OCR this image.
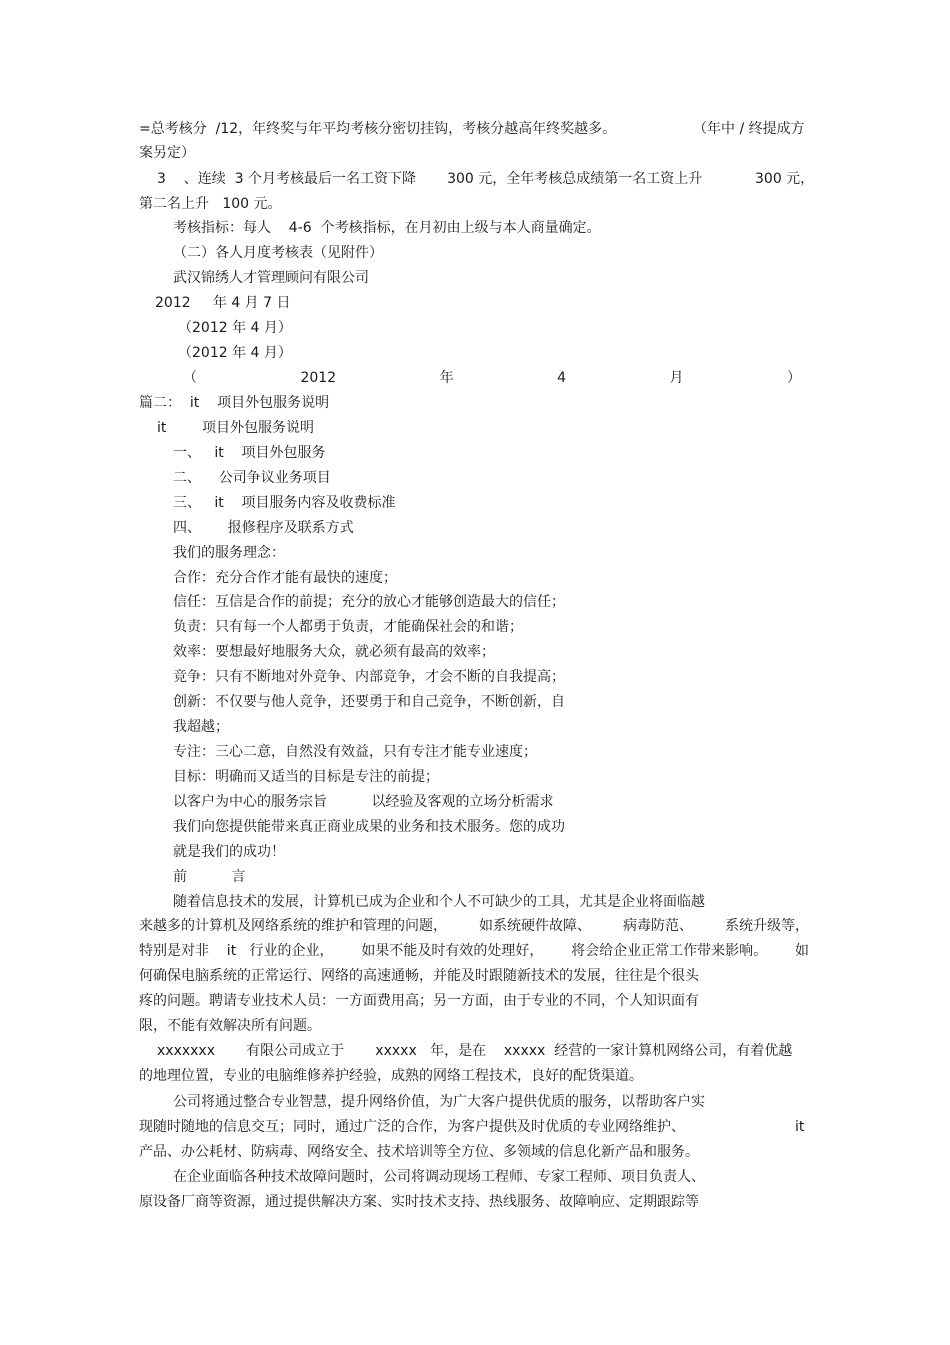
=总考核分  /12，年终奖与年平均考核分密切挂钩，考核分越高年终奖越多。	（年中 / 终提成方
案另定）
3    、连续  3 个月考核最后一名工资下降       300 元，全年考核总成绩第一名工资上升	300 元，
第二名上升   100 元。
考核指标：每人    4-6  个考核指标，在月初由上级与本人商量确定。
（二）各人月度考核表（见附件）
武汉锦绣人才管理顾问有限公司
2012     年 4 月 7 日
（2012 年 4 月）
（2012 年 4 月）
（	2012	年	4	月	）
篇二：  it    项目外包服务说明
it        项目外包服务说明
一、   it    项目外包服务
二、    公司争议业务项目
三、   it    项目服务内容及收费标准
四、      报修程序及联系方式
我们的服务理念：
合作：充分合作才能有最快的速度；
信任：互信是合作的前提；充分的放心才能够创造最大的信任；
负责：只有每一个人都勇于负责，才能确保社会的和谐；
效率：要想最好地服务大众，就必须有最高的效率；
竞争：只有不断地对外竞争、内部竞争，才会不断的自我提高；
创新：不仅要与他人竞争，还要勇于和自己竞争，不断创新，自
我超越；
专注：三心二意，自然没有效益，只有专注才能专业速度；
目标：明确而又适当的目标是专注的前提；
以客户为中心的服务宗旨          以经验及客观的立场分析需求
我们向您提供能带来真正商业成果的业务和技术服务。您的成功
就是我们的成功！
前          言
随着信息技术的发展，计算机已成为企业和个人不可缺少的工具，尤其是企业将面临越
来越多的计算机及网络系统的维护和管理的问题， 如系统硬件故障、 病毒防范、 系统升级等，
特别是对非    it   行业的企业， 如果不能及时有效的处理好， 将会给企业正常工作带来影响。 如
何确保电脑系统的正常运行、网络的高速通畅，并能及时跟随新技术的发展，往往是个很头
疼的问题。聘请专业技术人员：一方面费用高；另一方面，由于专业的不同，个人知识面有
限，不能有效解决所有问题。
xxxxxxx       有限公司成立于       xxxxx   年，是在    xxxxx  经营的一家计算机网络公司，有着优越
的地理位置，专业的电脑维修养护经验，成熟的网络工程技术，良好的配货渠道。
公司将通过整合专业智慧，提升网络价值，为广大客户提供优质的服务，以帮助客户实
现随时随地的信息交互；同时，通过广泛的合作，为客户提供及时优质的专业网络维护、	it
产品、办公耗材、防病毒、网络安全、技术培训等全方位、多领域的信息化新产品和服务。
在企业面临各种技术故障问题时，公司将调动现场工程师、专家工程师、项目负责人、
原设备厂商等资源，通过提供解决方案、实时技术支持、热线服务、故障响应、定期跟踪等
